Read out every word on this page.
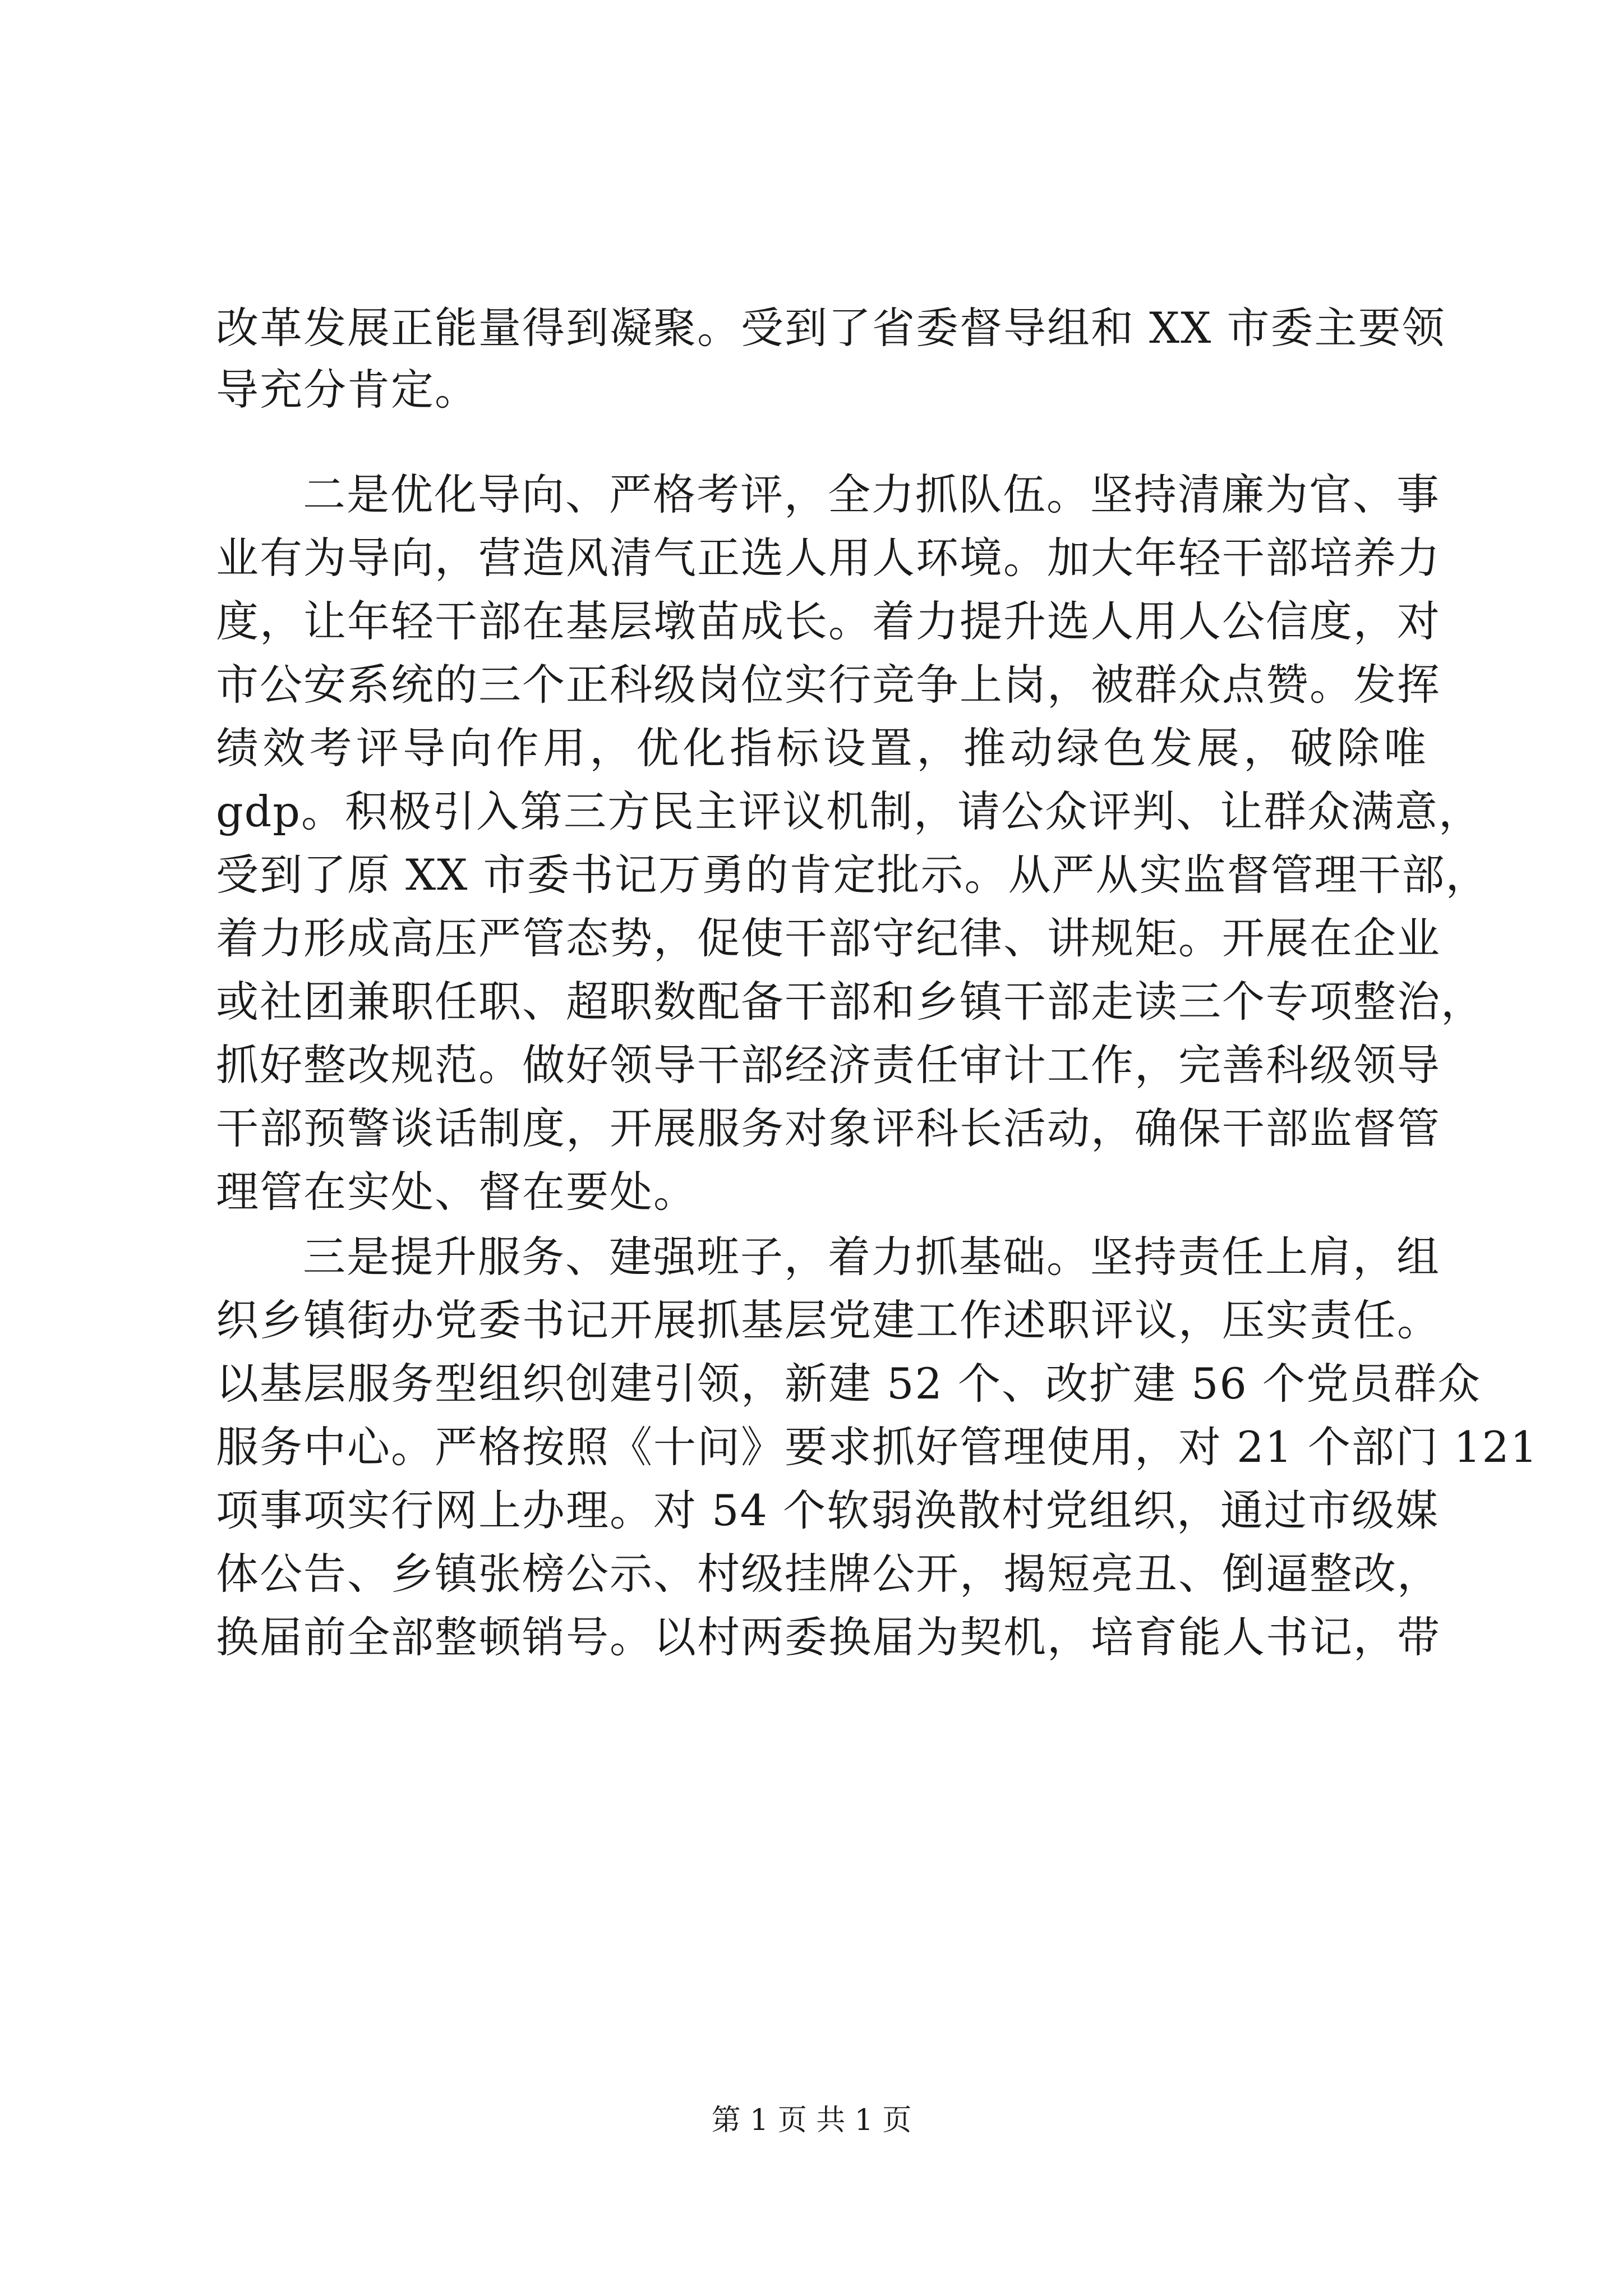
改革发展正能量得到凝聚。受到了省委督导组和 XX 市委主要领
导充分肯定。
二是优化导向、严格考评，全力抓队伍。坚持清廉为官、事
业有为导向，营造风清气正选人用人环境。加大年轻干部培养力
度，让年轻干部在基层墩苗成长。着力提升选人用人公信度，对
市公安系统的三个正科级岗位实行竞争上岗，被群众点赞。发挥
绩效考评导向作用，优化指标设置，推动绿色发展，破除唯
gdp。积极引入第三方民主评议机制，请公众评判、让群众满意，
受到了原 XX 市委书记万勇的肯定批示。从严从实监督管理干部，
着力形成高压严管态势，促使干部守纪律、讲规矩。开展在企业
或社团兼职任职、超职数配备干部和乡镇干部走读三个专项整治，
抓好整改规范。做好领导干部经济责任审计工作，完善科级领导
干部预警谈话制度，开展服务对象评科长活动，确保干部监督管
理管在实处、督在要处。
三是提升服务、建强班子，着力抓基础。坚持责任上肩，组
织乡镇街办党委书记开展抓基层党建工作述职评议，压实责任。
以基层服务型组织创建引领，新建 52 个、改扩建 56 个党员群众
服务中心。严格按照《十问》要求抓好管理使用，对 21 个部门 121
项事项实行网上办理。对 54 个软弱涣散村党组织，通过市级媒
体公告、乡镇张榜公示、村级挂牌公开，揭短亮丑、倒逼整改，
换届前全部整顿销号。以村两委换届为契机，培育能人书记，带
第 1 页 共 1 页
